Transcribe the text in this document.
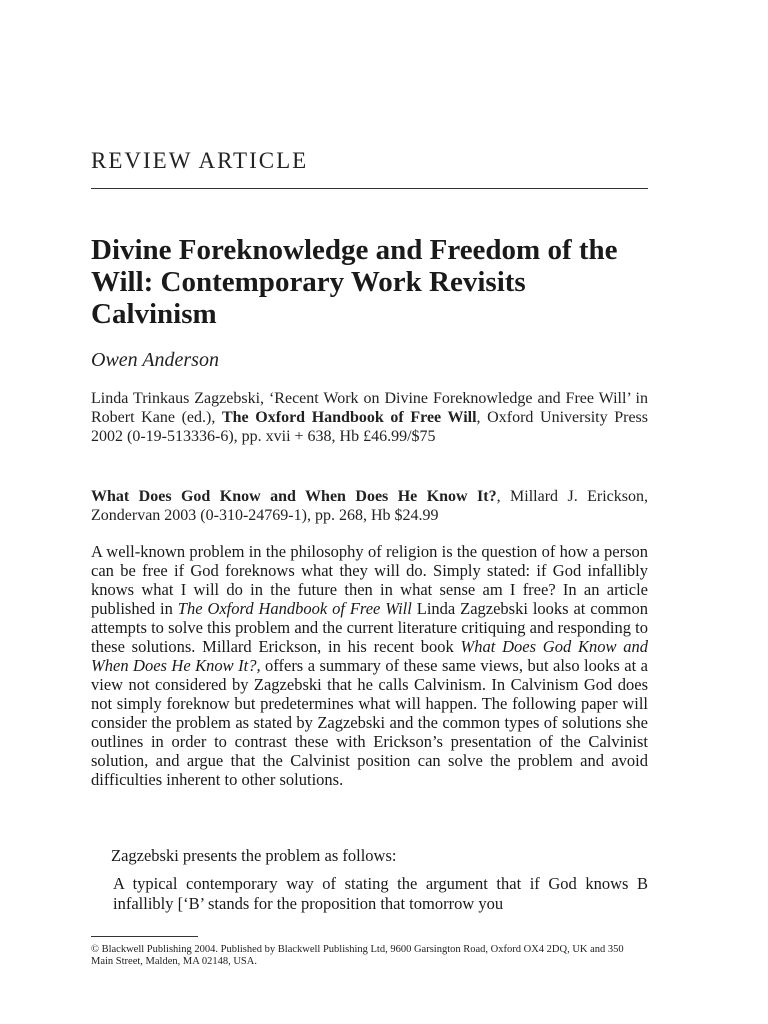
REVIEW ARTICLE
Divine Foreknowledge and Freedom of the Will: Contemporary Work Revisits Calvinism

Owen Anderson

Linda Trinkaus Zagzebski, ‘Recent Work on Divine Foreknowledge and Free Will’ in Robert Kane (ed.), The Oxford Handbook of Free Will, Oxford University Press 2002 (0-19-513336-6), pp. xvii + 638, Hb £46.99/$75

What Does God Know and When Does He Know It?, Millard J. Erickson, Zondervan 2003 (0-310-24769-1), pp. 268, Hb $24.99

A well-known problem in the philosophy of religion is the question of how a person can be free if God foreknows what they will do. Simply stated: if God infallibly knows what I will do in the future then in what sense am I free? In an article published in The Oxford Handbook of Free Will Linda Zagzebski looks at common attempts to solve this problem and the current literature critiquing and responding to these solutions. Millard Erickson, in his recent book What Does God Know and When Does He Know It?, offers a summary of these same views, but also looks at a view not considered by Zagzebski that he calls Calvinism. In Calvinism God does not simply foreknow but predetermines what will happen. The following paper will consider the problem as stated by Zagzebski and the common types of solutions she outlines in order to contrast these with Erickson’s presentation of the Calvinist solution, and argue that the Calvinist position can solve the problem and avoid difficulties inherent to other solutions.

Zagzebski presents the problem as follows:

A typical contemporary way of stating the argument that if God knows B infallibly [‘B’ stands for the proposition that tomorrow you

© Blackwell Publishing 2004. Published by Blackwell Publishing Ltd, 9600 Garsington Road, Oxford OX4 2DQ, UK and 350 Main Street, Malden, MA 02148, USA.
